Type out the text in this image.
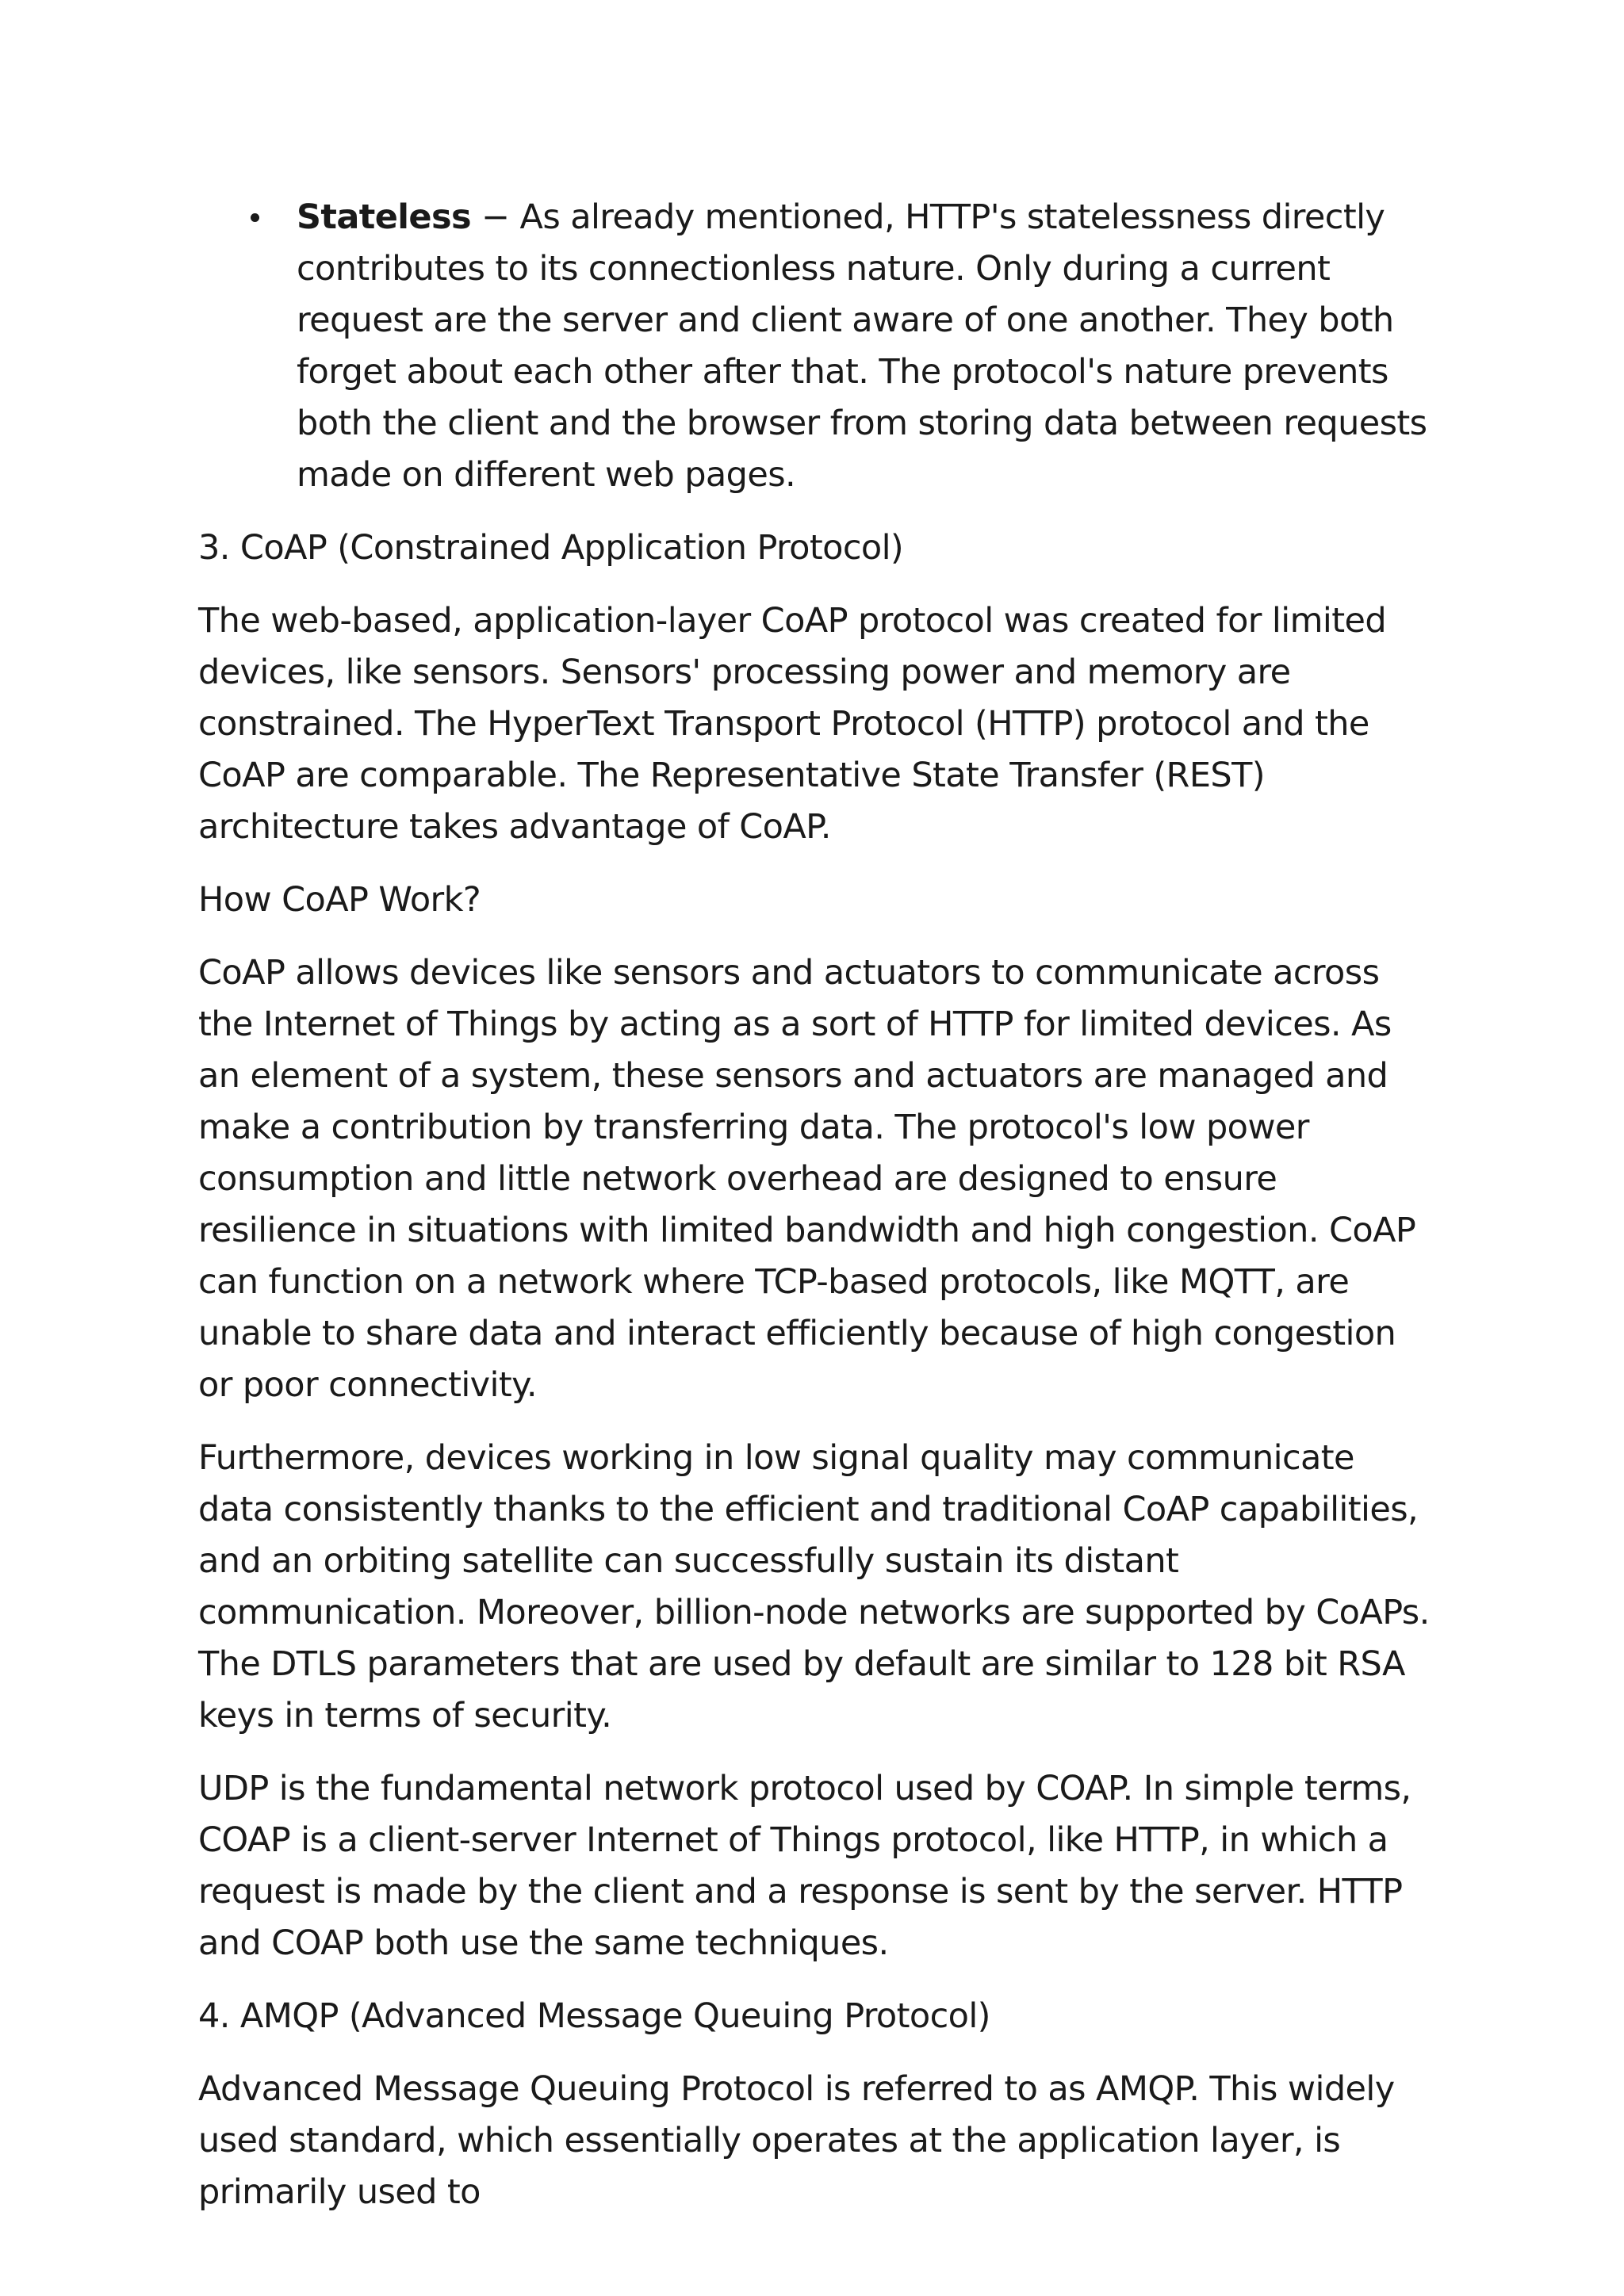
Stateless − As already mentioned, HTTP's statelessness directly contributes to its connectionless nature. Only during a current request are the server and client aware of one another. They both forget about each other after that. The protocol's nature prevents both the client and the browser from storing data between requests made on different web pages.
3. CoAP (Constrained Application Protocol)

The web-based, application-layer CoAP protocol was created for limited devices, like sensors. Sensors' processing power and memory are constrained. The HyperText Transport Protocol (HTTP) protocol and the CoAP are comparable. The Representative State Transfer (REST) architecture takes advantage of CoAP.

How CoAP Work?

CoAP allows devices like sensors and actuators to communicate across the Internet of Things by acting as a sort of HTTP for limited devices. As an element of a system, these sensors and actuators are managed and make a contribution by transferring data. The protocol's low power consumption and little network overhead are designed to ensure resilience in situations with limited bandwidth and high congestion. CoAP can function on a network where TCP-based protocols, like MQTT, are unable to share data and interact efficiently because of high congestion or poor connectivity.

Furthermore, devices working in low signal quality may communicate data consistently thanks to the efficient and traditional CoAP capabilities, and an orbiting satellite can successfully sustain its distant communication. Moreover, billion-node networks are supported by CoAPs. The DTLS parameters that are used by default are similar to 128 bit RSA keys in terms of security.

UDP is the fundamental network protocol used by COAP. In simple terms, COAP is a client-server Internet of Things protocol, like HTTP, in which a request is made by the client and a response is sent by the server. HTTP and COAP both use the same techniques.

4. AMQP (Advanced Message Queuing Protocol)

Advanced Message Queuing Protocol is referred to as AMQP. This widely used standard, which essentially operates at the application layer, is primarily used to
